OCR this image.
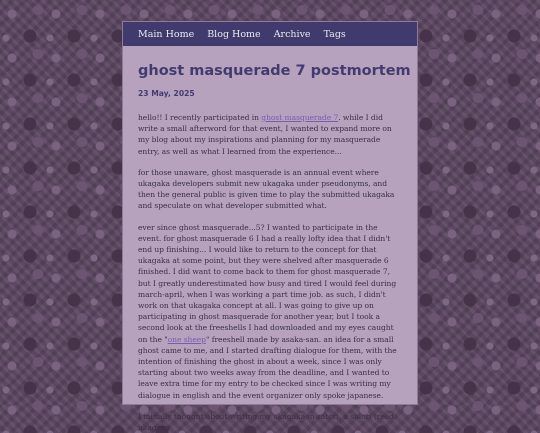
Main Home Blog Home Archive Tags
ghost masquerade 7 postmortem
23 May, 2025

hello!! I recently participated in ghost masquerade 7. while I did write a small afterword for that event, I wanted to expand more on my blog about my inspirations and planning for my masquerade entry, as well as what I learned from the experience...

for those unaware, ghost masquerade is an annual event where ukagaka developers submit new ukagaka under pseudonyms, and then the general public is given time to play the submitted ukagaka and speculate on what developer submitted what.

ever since ghost masquerade...5? I wanted to participate in the event. for ghost masquerade 6 I had a really lofty idea that I didn't end up finishing... I would like to return to the concept for that ukagaka at some point, but they were shelved after masquerade 6 finished. I did want to come back to them for ghost masquerade 7, but I greatly underestimated how busy and tired I would feel during march-april, when I was working a part time job. as such, I didn't work on that ukagaka concept at all. I was going to give up on participating in ghost masquerade for another year, but I took a second look at the freeshells I had downloaded and my eyes caught on the "one sheep" freeshell made by asaka-san. an idea for a small ghost came to me, and I started drafting dialogue for them, with the intention of finishing the ghost in about a week, since I was only starting about two weeks away from the deadline, and I wanted to leave extra time for my entry to be checked since I was writing my dialogue in english and the event organizer only spoke japanese.

I initially thought about writing my ukagaka in satori, a shiori (read: ukagaka
